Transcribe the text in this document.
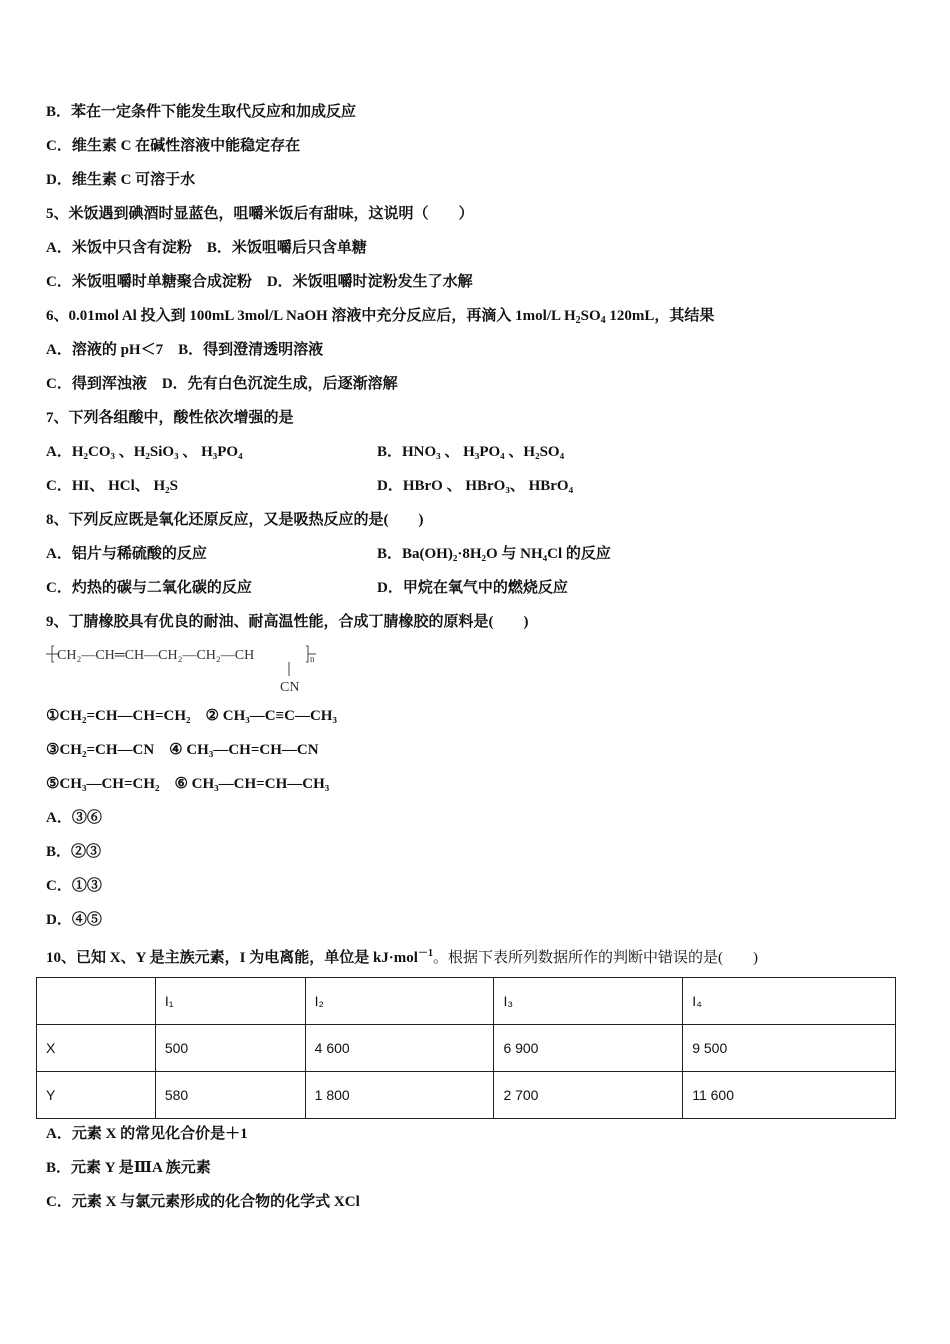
B．苯在一定条件下能发生取代反应和加成反应
C．维生素 C 在碱性溶液中能稳定存在
D．维生素 C 可溶于水
5、米饭遇到碘酒时显蓝色，咀嚼米饭后有甜味，这说明（　　）
A．米饭中只含有淀粉　B．米饭咀嚼后只含单糖
C．米饭咀嚼时单糖聚合成淀粉　D．米饭咀嚼时淀粉发生了水解
6、0.01mol Al 投入到 100mL 3mol/L NaOH 溶液中充分反应后，再滴入 1mol/L $H_2SO_4$ 120mL，其结果
A．溶液的 pH＜7　B．得到澄清透明溶液
C．得到浑浊液　D．先有白色沉淀生成，后逐渐溶解
7、下列各组酸中，酸性依次增强的是
A．H₂CO₃ 、H₂SiO₃ 、 H₃PO₄	B．HNO₃ 、 H₃PO₄ 、H₂SO₄
C．HI、 HCl、 H₂S	D．HBrO 、 HBrO₃、 HBrO₄
8、下列反应既是氧化还原反应，又是吸热反应的是(　　)
A．铝片与稀硫酸的反应	B．Ba(OH)₂·8H₂O 与 NH₄Cl 的反应
C．灼热的碳与二氧化碳的反应	D．甲烷在氧气中的燃烧反应
9、丁腈橡胶具有优良的耐油、耐高温性能，合成丁腈橡胶的原料是(　　)
CH₂—CH═CH—CH₂—CH₂—CH	n
CN
①CH₂=CH—CH=CH₂　② CH₃—C≡C—CH₃
③CH₂=CH—CN　④ CH₃—CH=CH—CN
⑤CH₃—CH=CH₂　⑥ CH₃—CH=CH—CH₃
A．③⑥
B．②③
C．①③
D．④⑤
10、已知 X、Y 是主族元素，I 为电离能，单位是 kJ·mol$^{-1}$。根据下表所列数据所作的判断中错误的是(　　)
	I₁	I₂	I₃	I₄
X	500	4 600	6 900	9 500
Y	580	1 800	2 700	11 600
A．元素 X 的常见化合价是＋1
B．元素 Y 是ⅢA 族元素
C．元素 X 与氯元素形成的化合物的化学式 XCl
